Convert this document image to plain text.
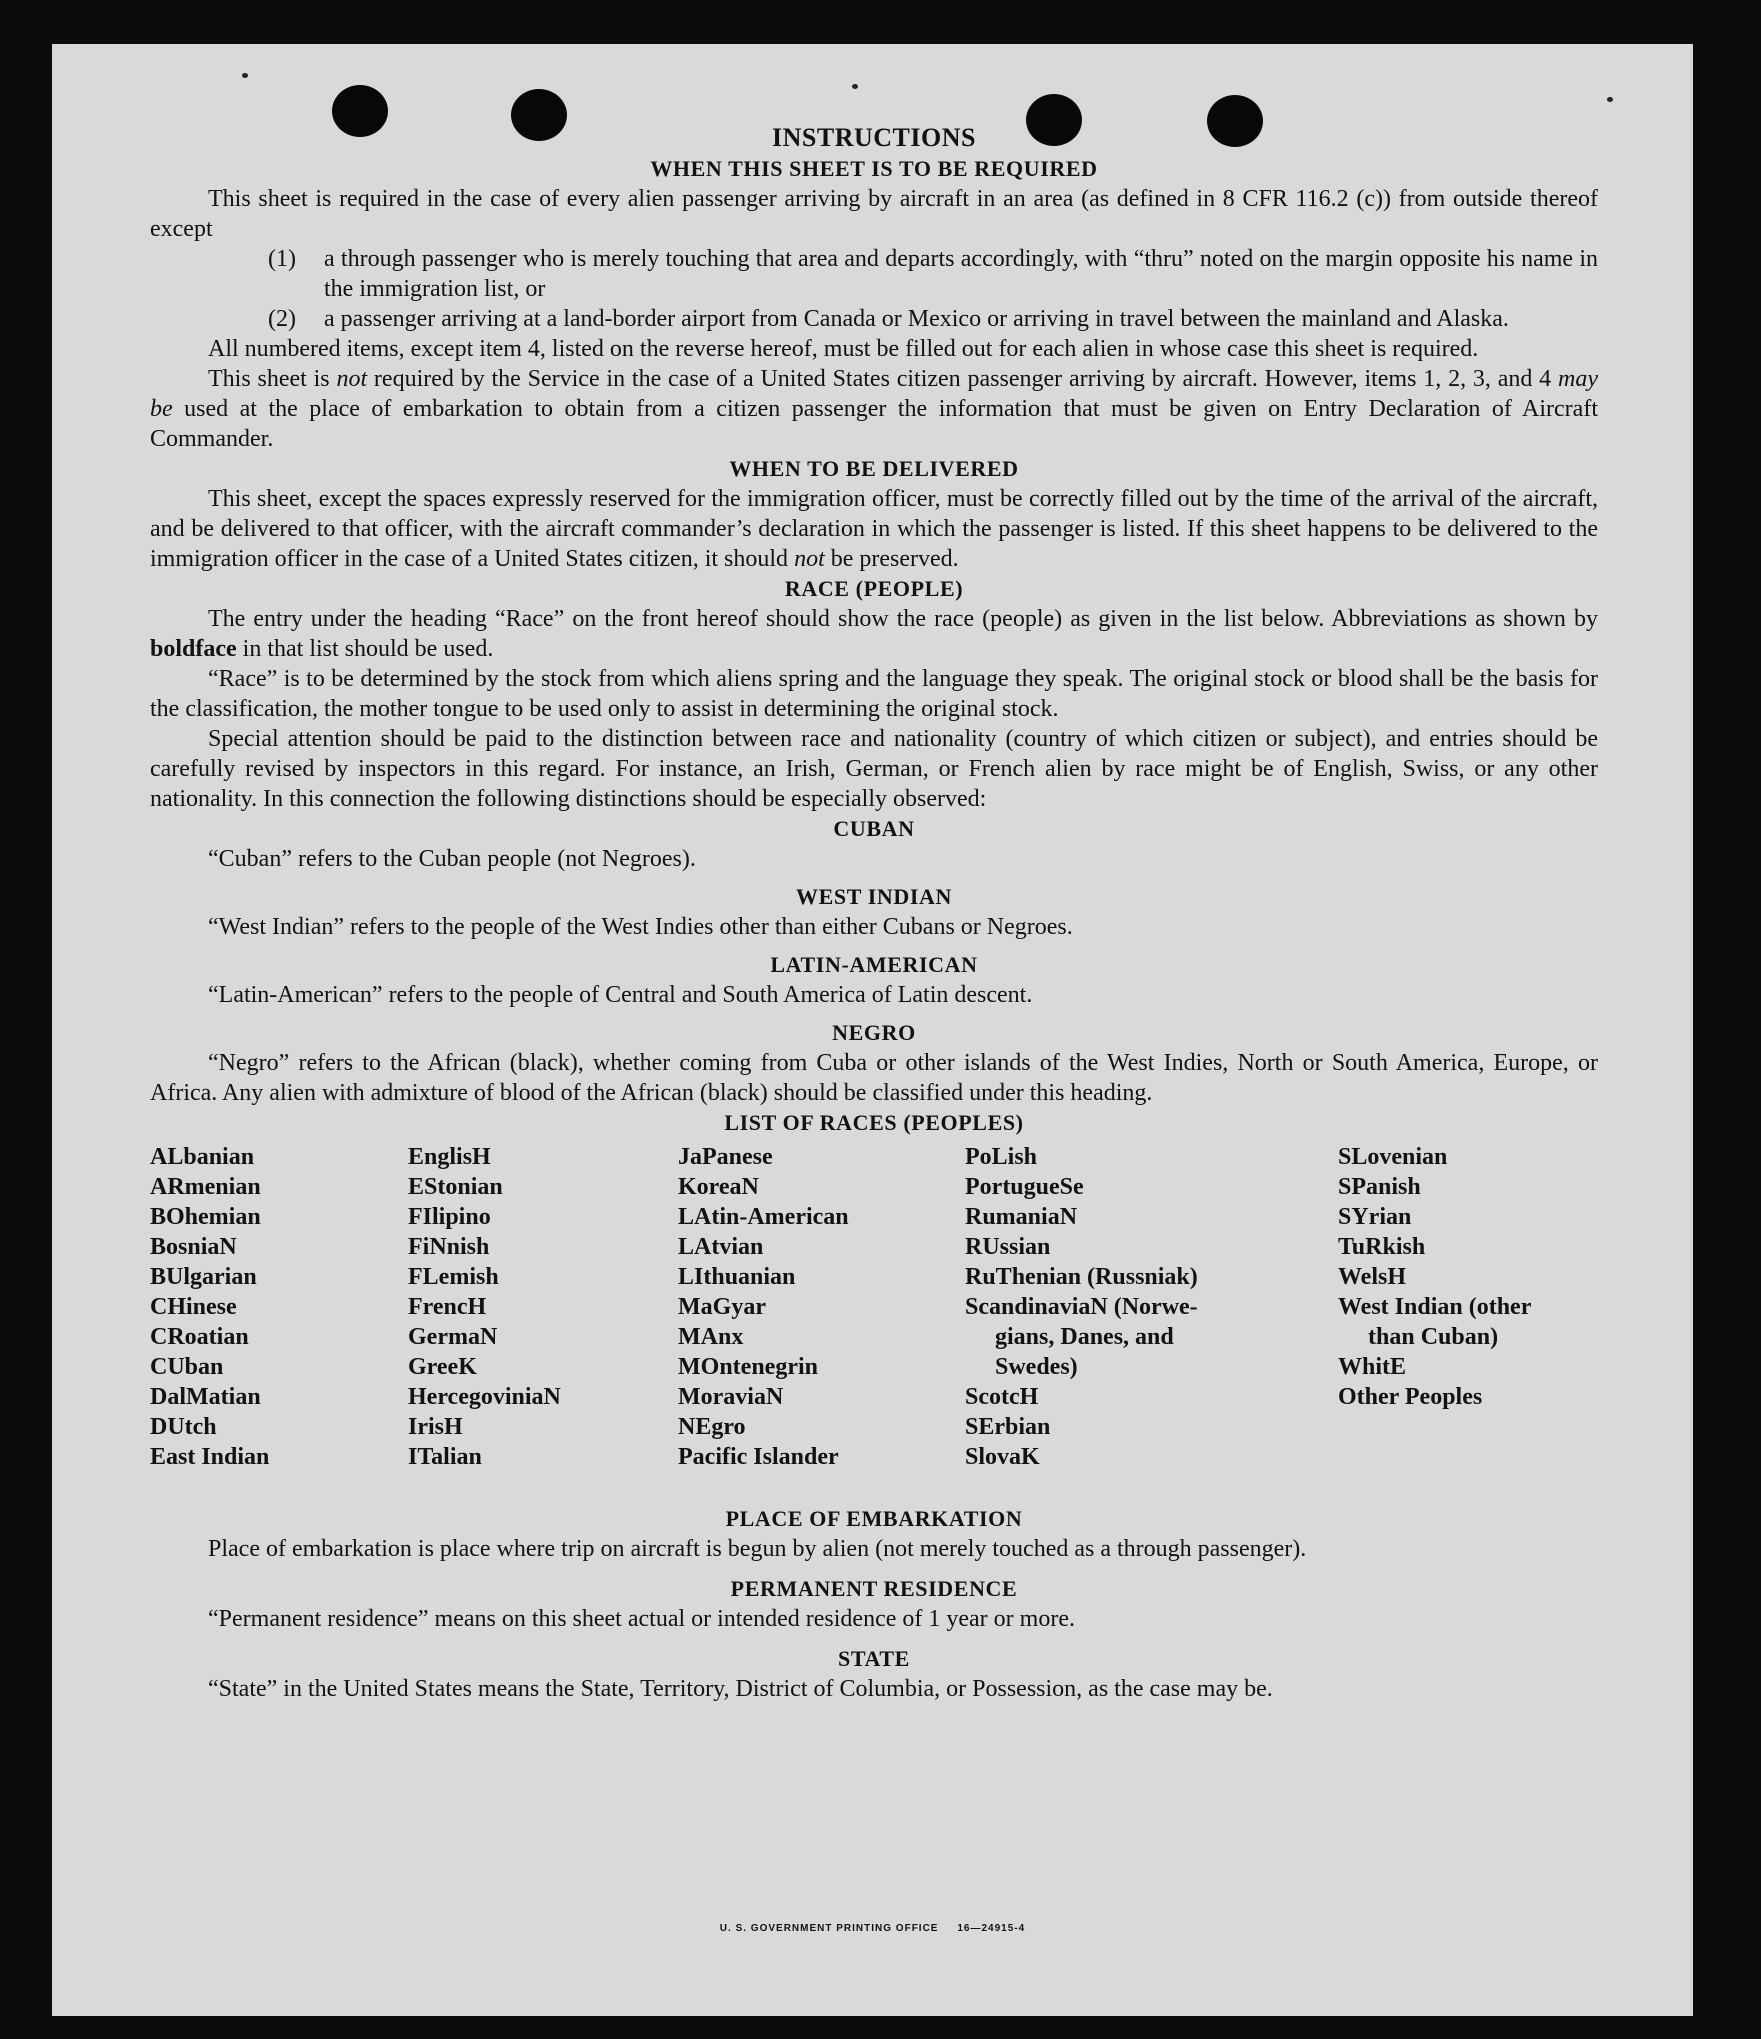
INSTRUCTIONS
WHEN THIS SHEET IS TO BE REQUIRED

This sheet is required in the case of every alien passenger arriving by aircraft in an area (as defined in 8 CFR 116.2 (c)) from outside thereof except

(1)	a through passenger who is merely touching that area and departs accordingly, with “thru” noted on the margin opposite his name in the immigration list, or
(2)	a passenger arriving at a land-border airport from Canada or Mexico or arriving in travel between the mainland and Alaska.

All numbered items, except item 4, listed on the reverse hereof, must be filled out for each alien in whose case this sheet is required.

This sheet is not required by the Service in the case of a United States citizen passenger arriving by aircraft. However, items 1, 2, 3, and 4 may be used at the place of embarkation to obtain from a citizen passenger the information that must be given on Entry Declaration of Aircraft Commander.

WHEN TO BE DELIVERED

This sheet, except the spaces expressly reserved for the immigration officer, must be correctly filled out by the time of the arrival of the aircraft, and be delivered to that officer, with the aircraft commander’s declaration in which the passenger is listed. If this sheet happens to be delivered to the immigration officer in the case of a United States citizen, it should not be preserved.

RACE (PEOPLE)

The entry under the heading “Race” on the front hereof should show the race (people) as given in the list below. Abbreviations as shown by boldface in that list should be used.

“Race” is to be determined by the stock from which aliens spring and the language they speak. The original stock or blood shall be the basis for the classification, the mother tongue to be used only to assist in determining the original stock.

Special attention should be paid to the distinction between race and nationality (country of which citizen or subject), and entries should be carefully revised by inspectors in this regard. For instance, an Irish, German, or French alien by race might be of English, Swiss, or any other nationality. In this connection the following distinctions should be especially observed:

CUBAN

“Cuban” refers to the Cuban people (not Negroes).

WEST INDIAN

“West Indian” refers to the people of the West Indies other than either Cubans or Negroes.

LATIN-AMERICAN

“Latin-American” refers to the people of Central and South America of Latin descent.

NEGRO

“Negro” refers to the African (black), whether coming from Cuba or other islands of the West Indies, North or South America, Europe, or Africa. Any alien with admixture of blood of the African (black) should be classified under this heading.

LIST OF RACES (PEOPLES)
ALbanian
ARmenian
BOhemian
BosniaN
BUlgarian
CHinese
CRoatian
CUban
DalMatian
DUtch
East Indian
EnglisH
EStonian
FIlipino
FiNnish
FLemish
FrencH
GermaN
GreeK
HercegoviniaN
IrisH
ITalian
JaPanese
KoreaN
LAtin-American
LAtvian
LIthuanian
MaGyar
MAnx
MOntenegrin
MoraviaN
NEgro
Pacific Islander
PoLish
PortugueSe
RumaniaN
RUssian
RuThenian (Russniak)
ScandinaviaN (Norwe-
gians, Danes, and
Swedes)
ScotcH
SErbian
SlovaK
SLovenian
SPanish
SYrian
TuRkish
WelsH
West Indian (other
than Cuban)
WhitE
Other Peoples
PLACE OF EMBARKATION

Place of embarkation is place where trip on aircraft is begun by alien (not merely touched as a through passenger).

PERMANENT RESIDENCE

“Permanent residence” means on this sheet actual or intended residence of 1 year or more.

STATE

“State” in the United States means the State, Territory, District of Columbia, or Possession, as the case may be.

U. S. GOVERNMENT PRINTING OFFICE     16—24915-4
